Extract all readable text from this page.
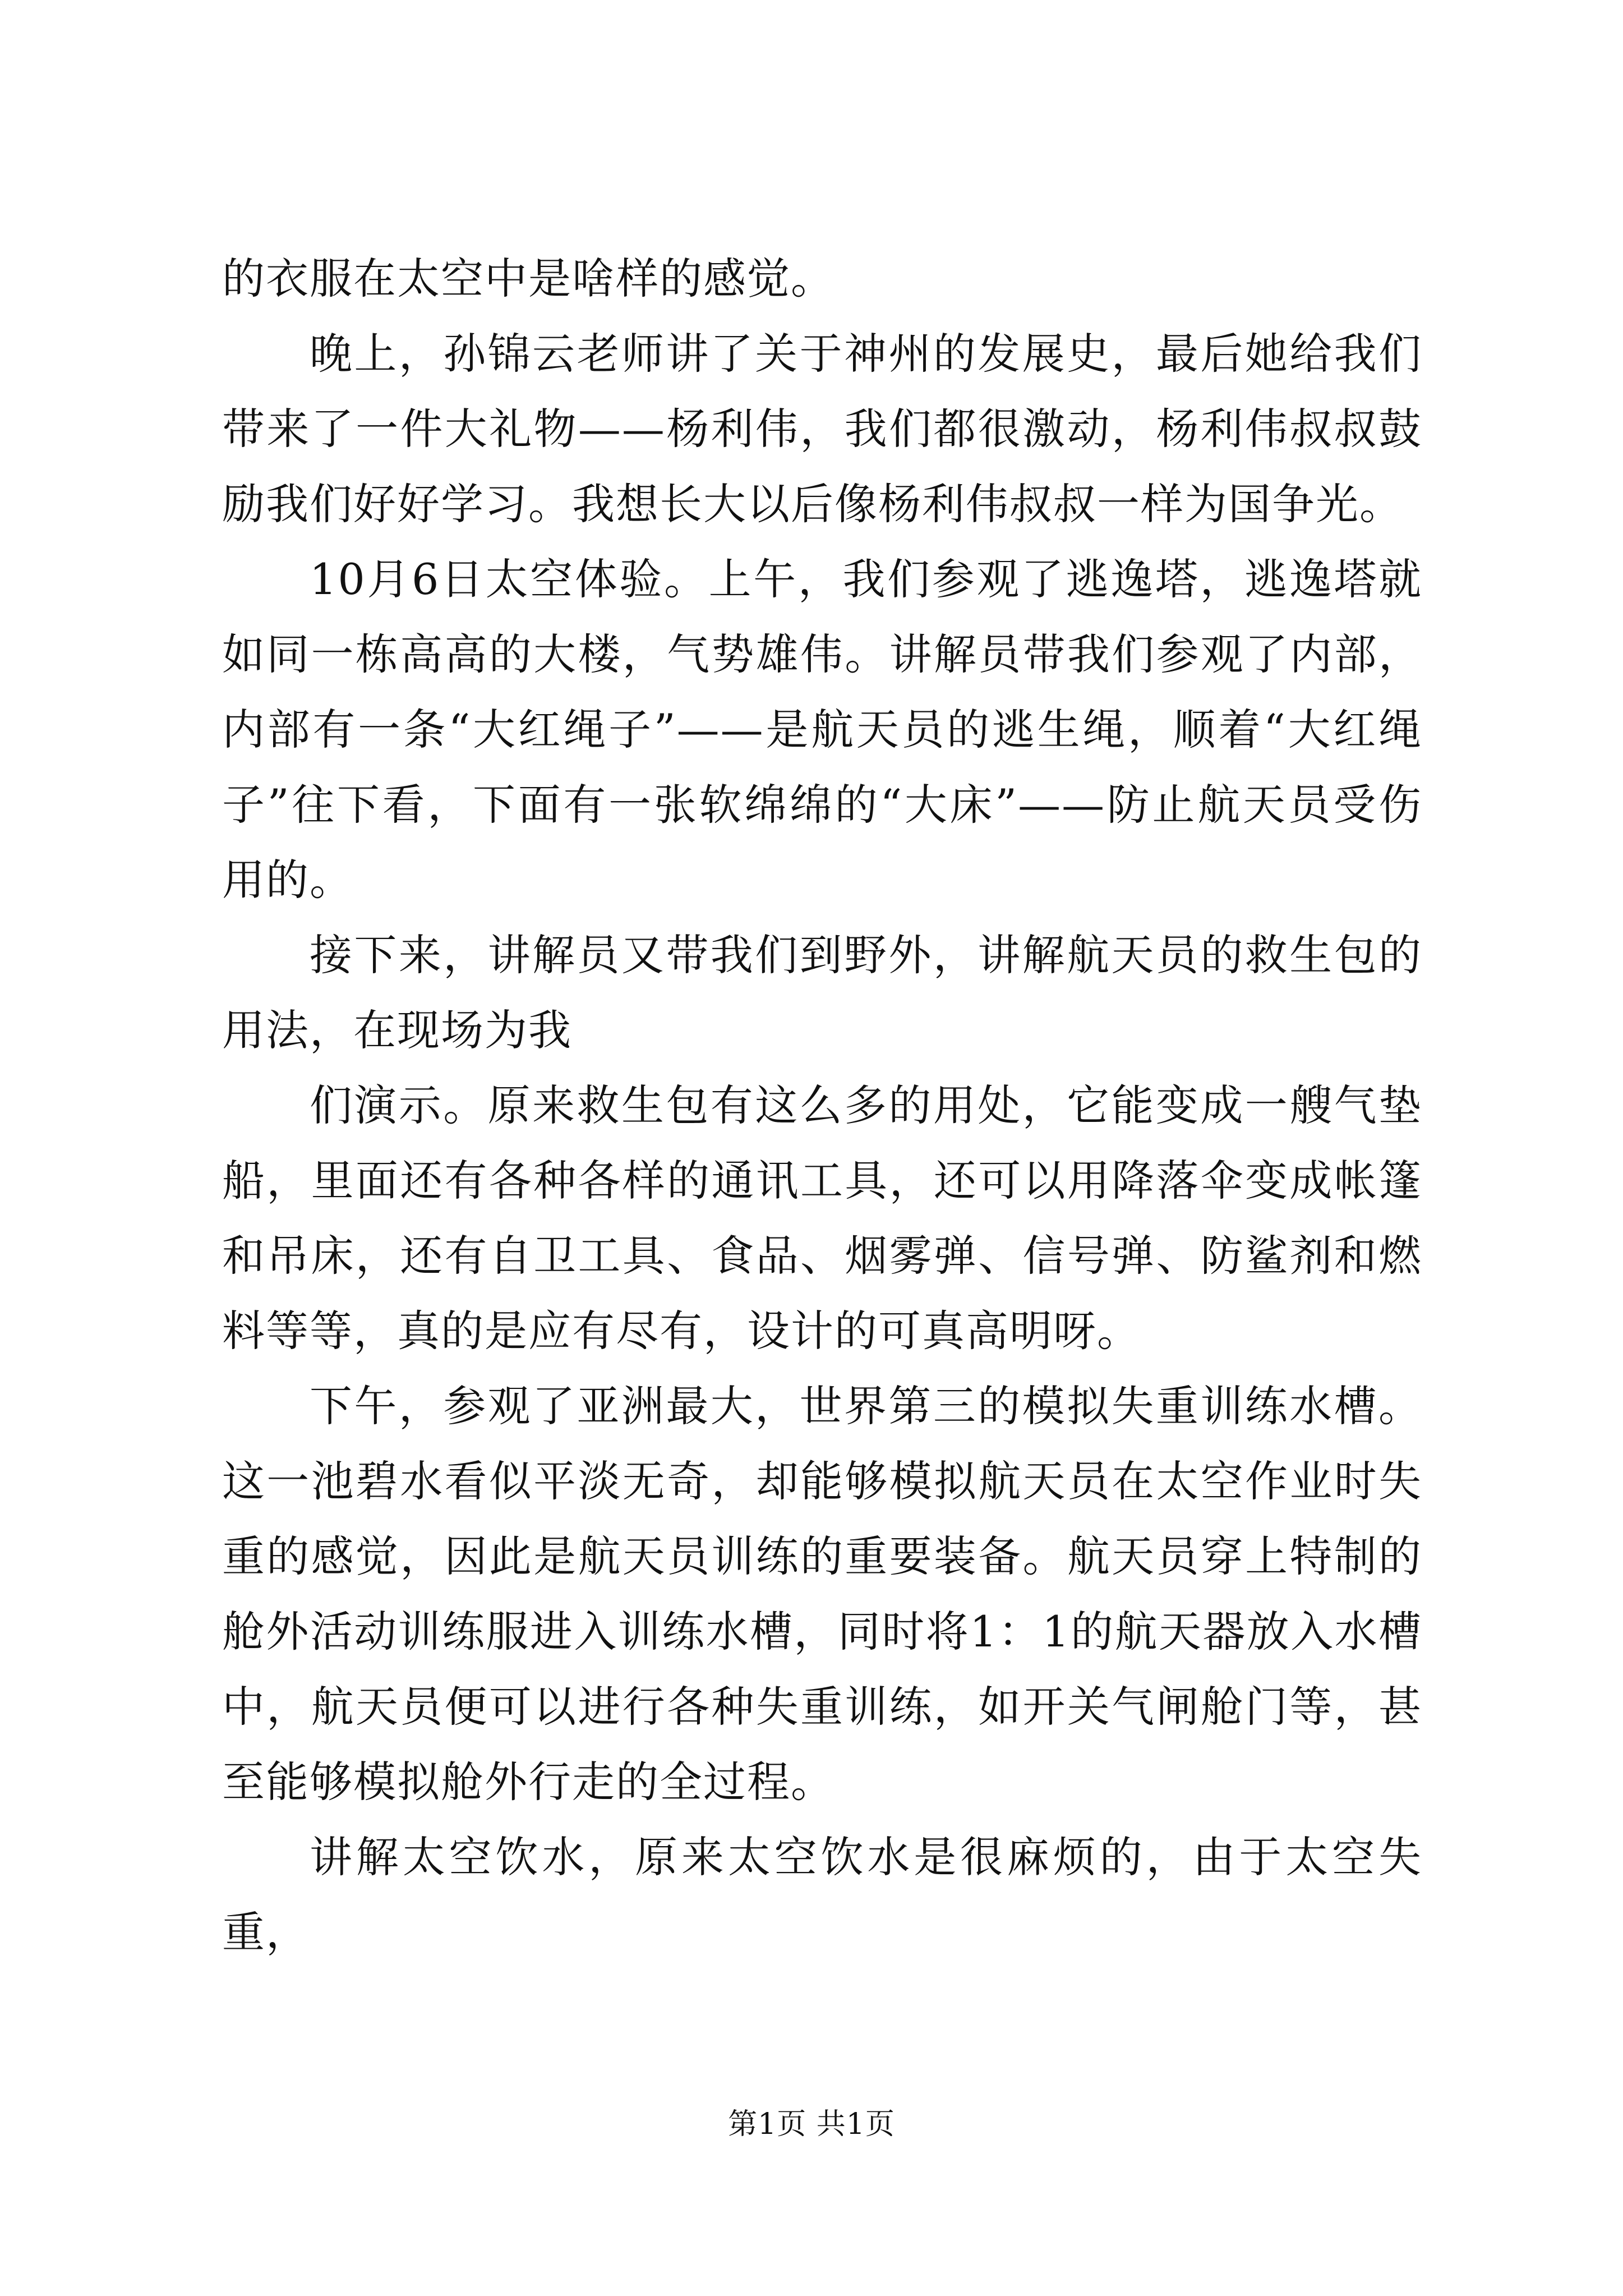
的衣服在太空中是啥样的感觉。

晚上，孙锦云老师讲了关于神州的发展史，最后她给我们带来了一件大礼物——杨利伟，我们都很激动，杨利伟叔叔鼓励我们好好学习。我想长大以后像杨利伟叔叔一样为国争光。

10月6日太空体验。上午，我们参观了逃逸塔，逃逸塔就如同一栋高高的大楼，气势雄伟。讲解员带我们参观了内部，内部有一条“大红绳子”——是航天员的逃生绳，顺着“大红绳子”往下看，下面有一张软绵绵的“大床”——防止航天员受伤用的。

接下来，讲解员又带我们到野外，讲解航天员的救生包的用法，在现场为我

们演示。原来救生包有这么多的用处，它能变成一艘气垫船，里面还有各种各样的通讯工具，还可以用降落伞变成帐篷和吊床，还有自卫工具、食品、烟雾弹、信号弹、防鲨剂和燃料等等，真的是应有尽有，设计的可真高明呀。

下午，参观了亚洲最大，世界第三的模拟失重训练水槽。这一池碧水看似平淡无奇，却能够模拟航天员在太空作业时失重的感觉，因此是航天员训练的重要装备。航天员穿上特制的舱外活动训练服进入训练水槽，同时将1：1的航天器放入水槽中，航天员便可以进行各种失重训练，如开关气闸舱门等，甚至能够模拟舱外行走的全过程。

讲解太空饮水，原来太空饮水是很麻烦的，由于太空失重，

第1页 共1页
